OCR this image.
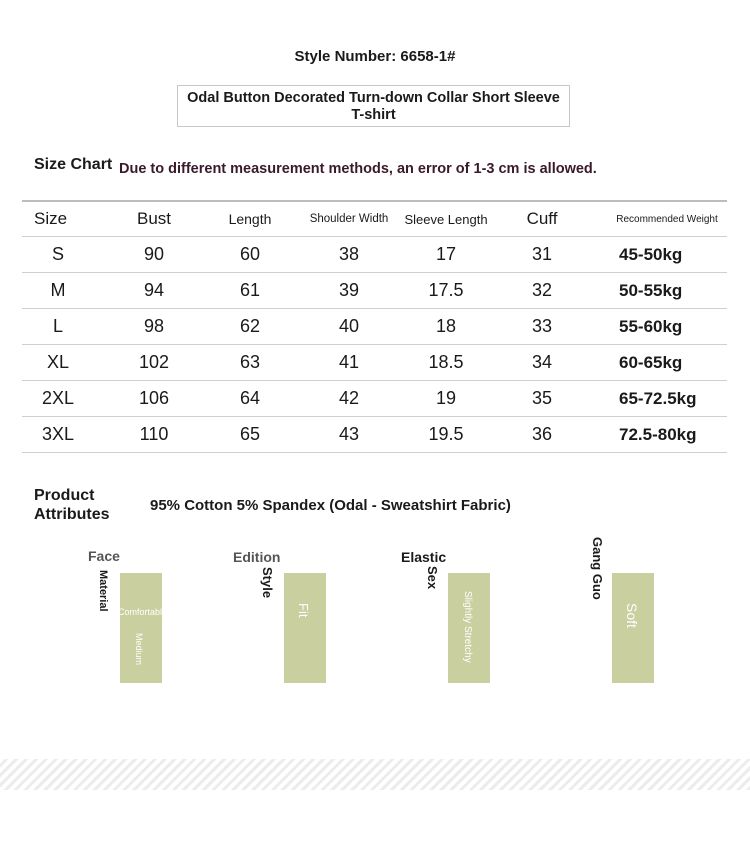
Style Number: 6658-1#
Odal Button Decorated Turn-down Collar Short Sleeve T-shirt
Size Chart Due to different measurement methods, an error of 1-3 cm is allowed.
Size	Bust	Length	Shoulder Width	Sleeve Length	Cuff	Recommended Weight
S	90	60	38	17	31	45-50kg
M	94	61	39	17.5	32	50-55kg
L	98	62	40	18	33	55-60kg
XL	102	63	41	18.5	34	60-65kg
2XL	106	64	42	19	35	65-72.5kg
3XL	110	65	43	19.5	36	72.5-80kg
Product Attributes
95% Cotton 5% Spandex (Odal - Sweatshirt Fabric)
Face
Material
Comfortable
Medium
Edition
Style
Fit
Elastic
Sex
Slightly Stretchy
Gang Guo
Soft
